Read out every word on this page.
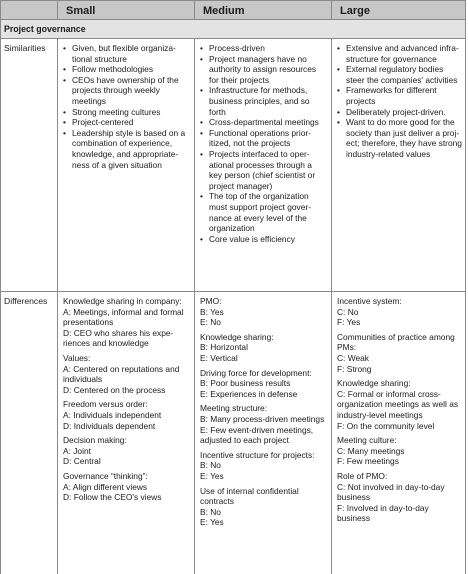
Small	Medium	Large
Project governance
Similarities
•	Given, but flexible organiza-tional structure
• Follow methodologies
• CEOs have ownership of the projects through weekly meetings
• Strong meeting cultures
• Project-centered
• Leadership style is based on a combination of experience, knowledge, and appropriate-ness of a given situation
• Process-driven
• Project managers have no authority to assign resources for their projects
• Infrastructure for methods, business principles, and so forth
• Cross-departmental meetings
• Functional operations prior-itized, not the projects
• Projects interfaced to oper-ational processes through a key person (chief scientist or project manager)
• The top of the organization must support project gover-nance at every level of the organization
• Core value is efficiency
• Extensive and advanced infra-structure for governance
• External regulatory bodies steer the companies' activities
• Frameworks for different projects
• Deliberately project-driven.
• Want to do more good for the society than just deliver a proj-ect; therefore, they have strong industry-related values
Differences Knowledge sharing in company:
A: Meetings, informal and formal presentations
D: CEO who shares his expe-riences and knowledge
Values:
A: Centered on reputations and individuals
D: Centered on the process
Freedom versus order:
A: Individuals independent
D: Individuals dependent
Decision making:
A: Joint
D: Central
Governance “thinking”:
A: Align different views
D: Follow the CEO's views
PMO:
B: Yes
E: No
Knowledge sharing:
B: Horizontal
E: Vertical
Driving force for development:
B: Poor business results
E: Experiences in defense
Meeting structure:
B: Many process-driven meetings
E: Few event-driven meetings, adjusted to each project
Incentive structure for projects:
B: No
E: Yes
Use of internal confidential contracts
B: No
E: Yes
Incentive system:
C: No
F: Yes
Communities of practice among PMs:
C: Weak
F: Strong
Knowledge sharing:
C: Formal or informal cross-organization meetings as well as industry-level meetings
F: On the community level
Meeting culture:
C: Many meetings
F: Few meetings
Role of PMO:
C: Not involved in day-to-day business
F: Involved in day-to-day business
